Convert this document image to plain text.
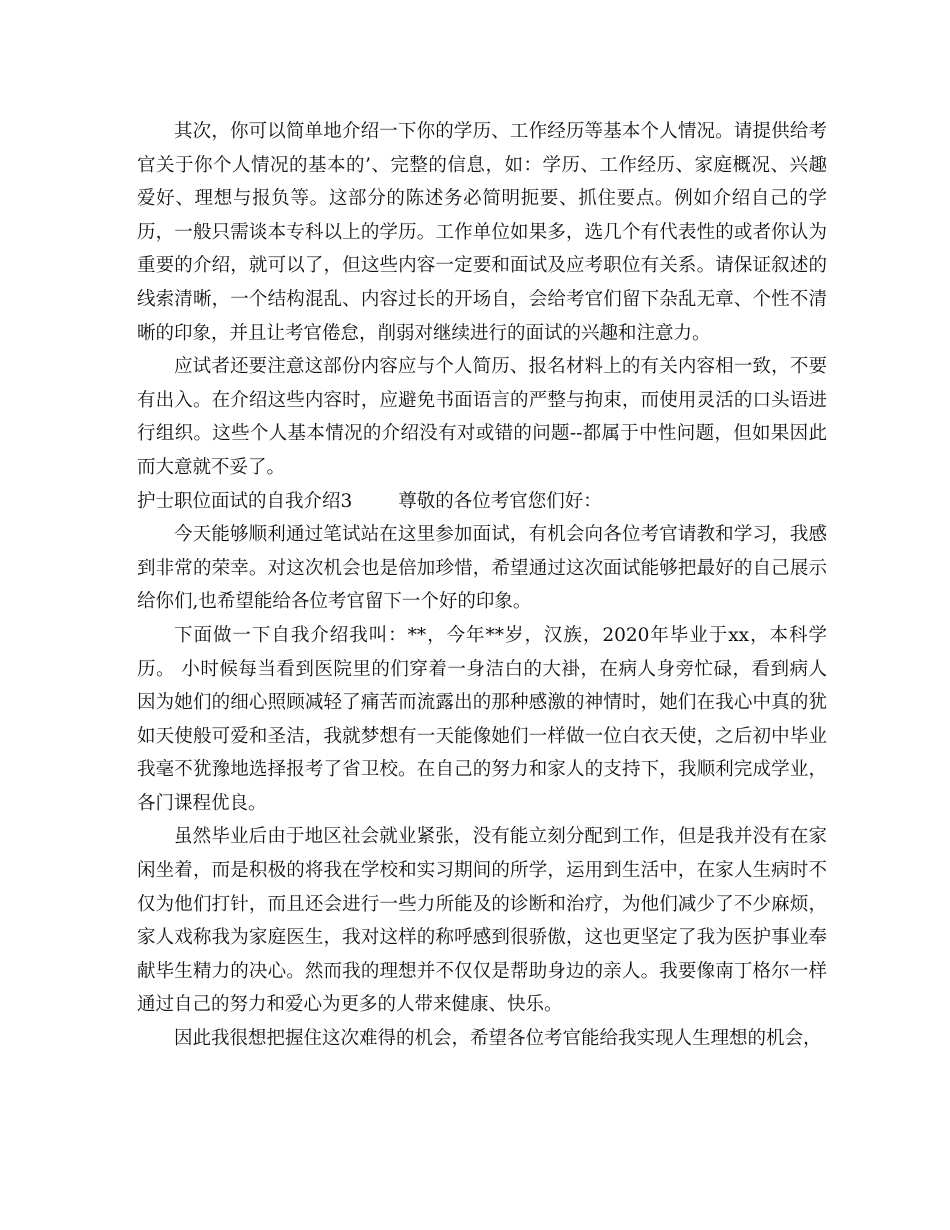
其次，你可以简单地介绍一下你的学历、工作经历等基本个人情况。请提供给考官关于你个人情况的基本的’、完整的信息，如：学历、工作经历、家庭概况、兴趣爱好、理想与报负等。这部分的陈述务必简明扼要、抓住要点。例如介绍自己的学历，一般只需谈本专科以上的学历。工作单位如果多，选几个有代表性的或者你认为重要的介绍，就可以了，但这些内容一定要和面试及应考职位有关系。请保证叙述的线索清晰，一个结构混乱、内容过长的开场自，会给考官们留下杂乱无章、个性不清晰的印象，并且让考官倦怠，削弱对继续进行的面试的兴趣和注意力。

应试者还要注意这部份内容应与个人简历、报名材料上的有关内容相一致，不要有出入。在介绍这些内容时，应避免书面语言的严整与拘束，而使用灵活的口头语进行组织。这些个人基本情况的介绍没有对或错的问题--都属于中性问题，但如果因此而大意就不妥了。

护士职位面试的自我介绍3 尊敬的各位考官您们好：

今天能够顺利通过笔试站在这里参加面试，有机会向各位考官请教和学习，我感到非常的荣幸。对这次机会也是倍加珍惜，希望通过这次面试能够把最好的自己展示给你们,也希望能给各位考官留下一个好的印象。

下面做一下自我介绍我叫：**，今年**岁，汉族，2020年毕业于xx，本科学历。 小时候每当看到医院里的们穿着一身洁白的大褂，在病人身旁忙碌，看到病人因为她们的细心照顾减轻了痛苦而流露出的那种感激的神情时，她们在我心中真的犹如天使般可爱和圣洁，我就梦想有一天能像她们一样做一位白衣天使，之后初中毕业我毫不犹豫地选择报考了省卫校。在自己的努力和家人的支持下，我顺利完成学业，各门课程优良。

虽然毕业后由于地区社会就业紧张，没有能立刻分配到工作，但是我并没有在家闲坐着，而是积极的将我在学校和实习期间的所学，运用到生活中，在家人生病时不仅为他们打针，而且还会进行一些力所能及的诊断和治疗，为他们减少了不少麻烦，家人戏称我为家庭医生，我对这样的称呼感到很骄傲，这也更坚定了我为医护事业奉献毕生精力的决心。然而我的理想并不仅仅是帮助身边的亲人。我要像南丁格尔一样通过自己的努力和爱心为更多的人带来健康、快乐。

因此我很想把握住这次难得的机会，希望各位考官能给我实现人生理想的机会，
